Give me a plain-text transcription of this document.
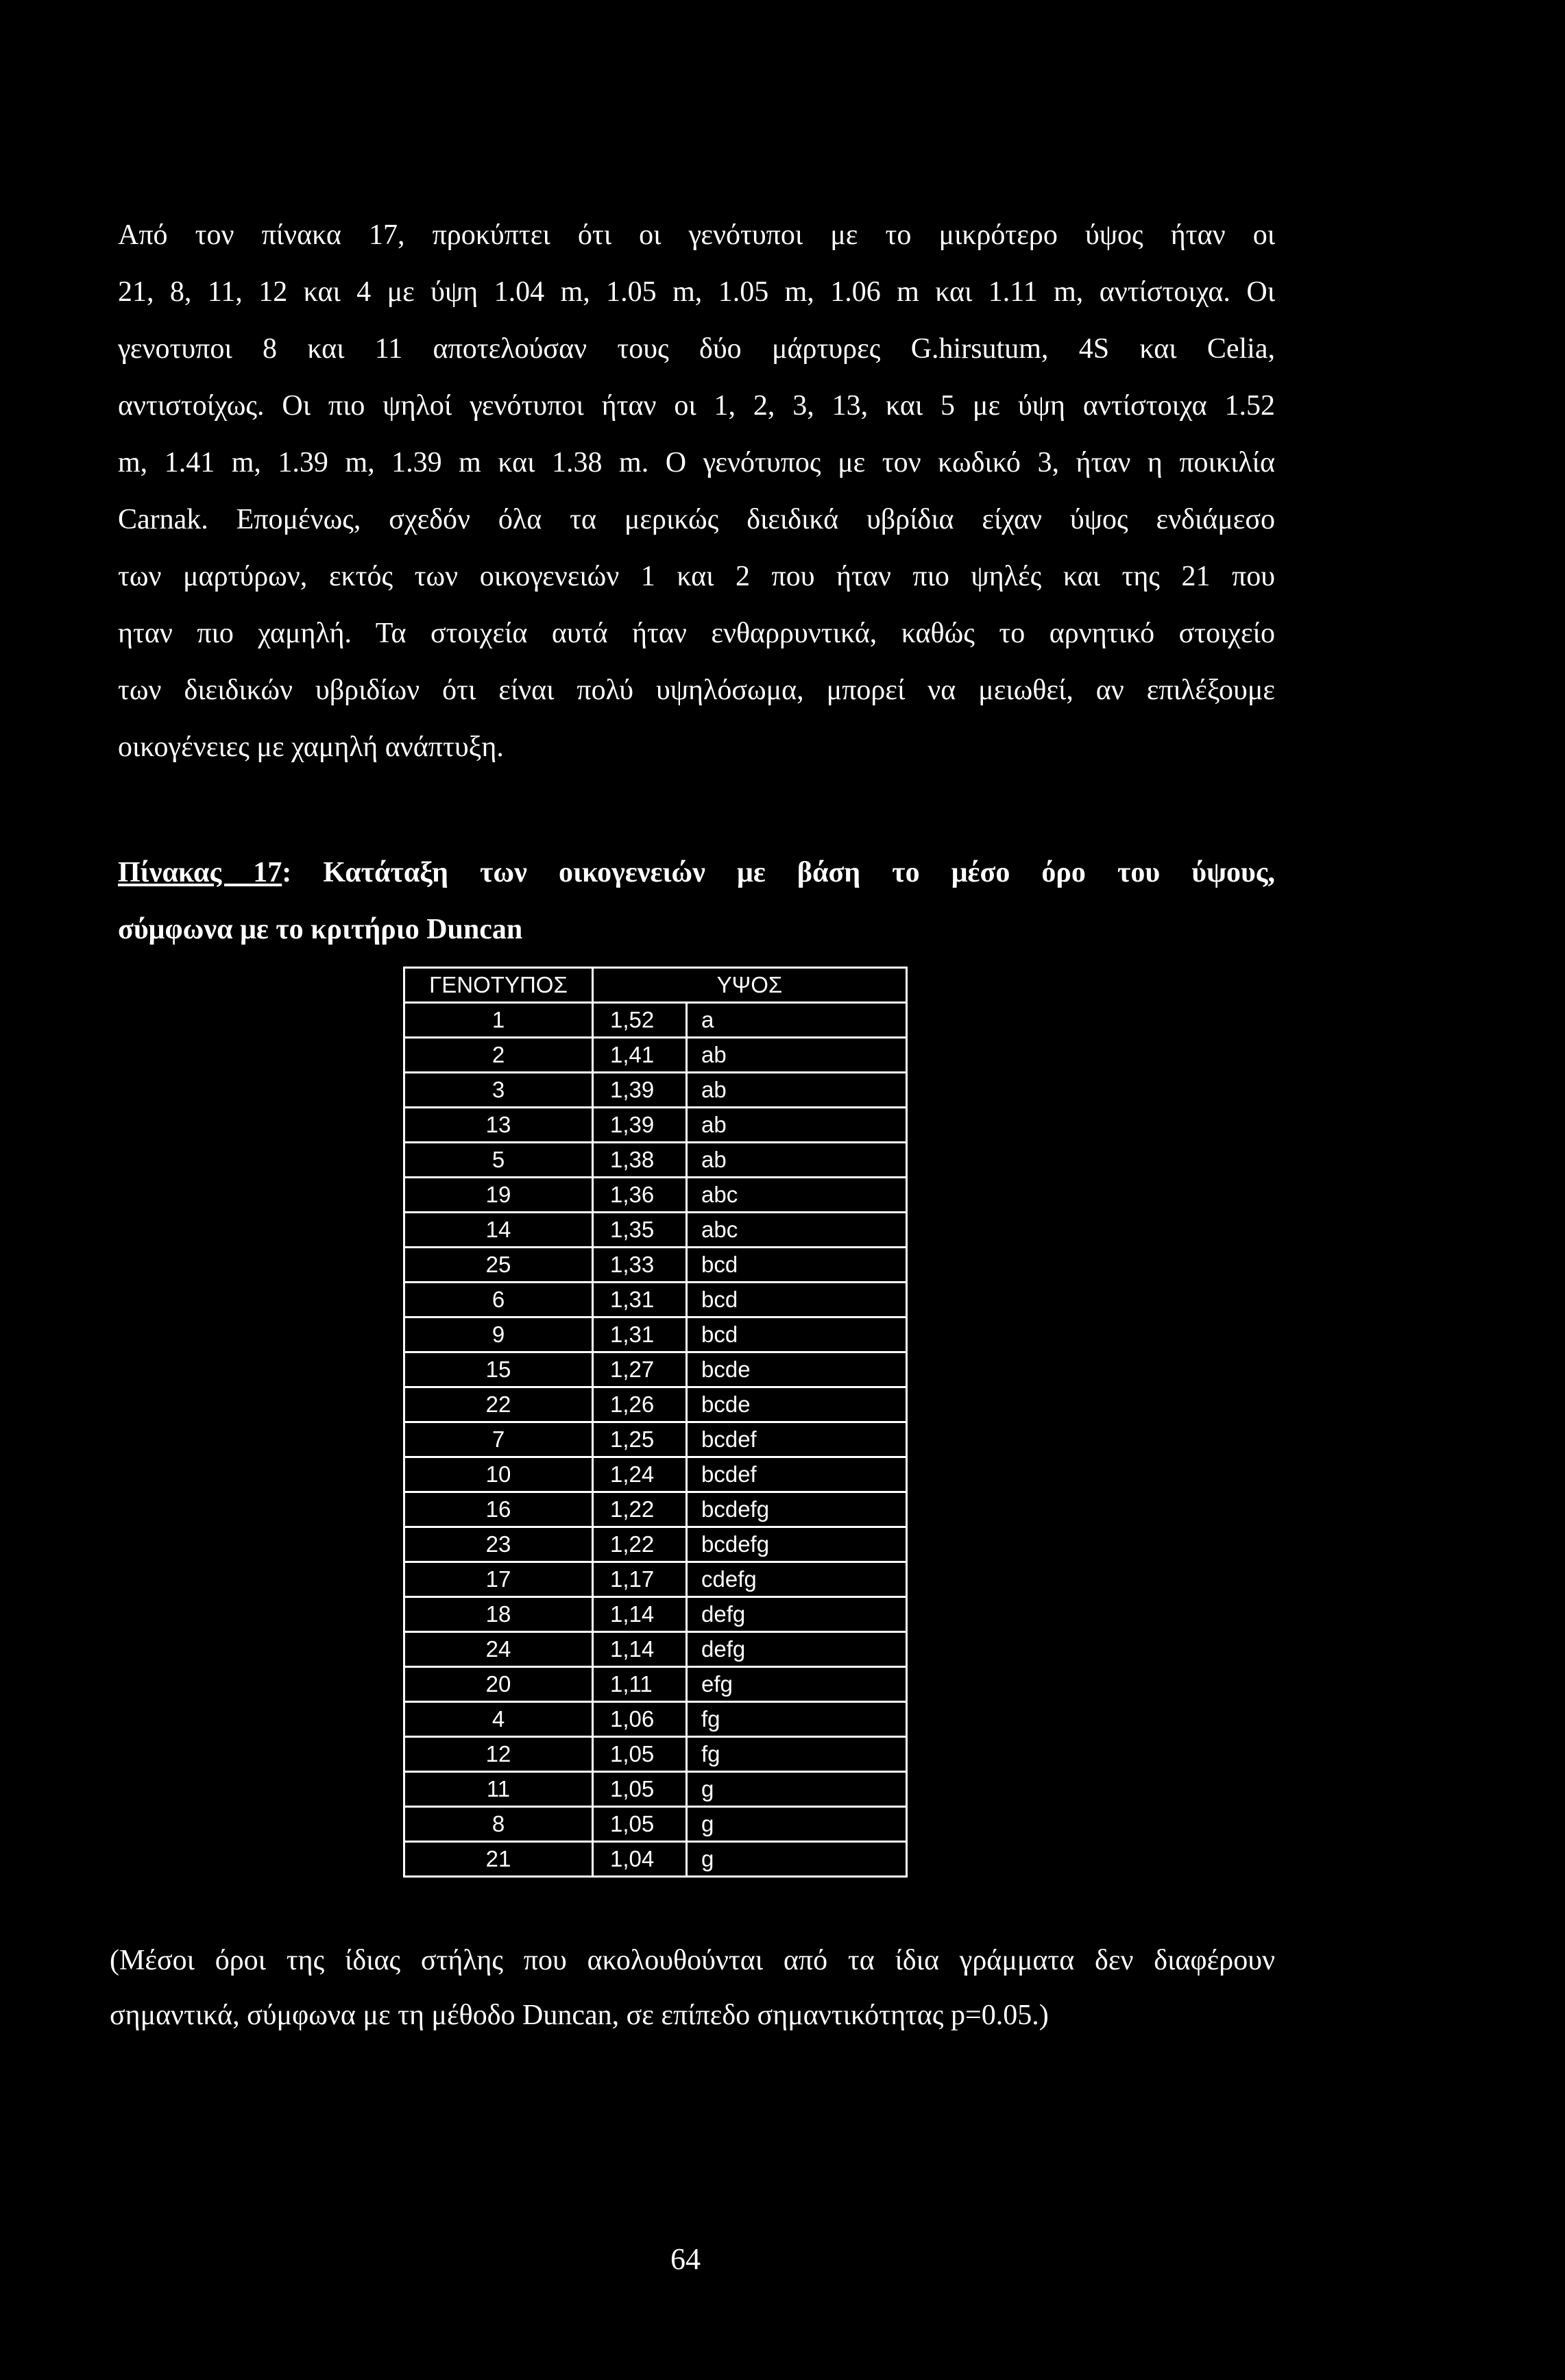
Από τον πίνακα 17, προκύπτει ότι οι γενότυποι με το μικρότερο ύψος ήταν οι
21, 8, 11, 12 και 4 με ύψη 1.04 m, 1.05 m, 1.05 m, 1.06 m και 1.11 m, αντίστοιχα. Οι
γενοτυποι 8 και 11 αποτελούσαν τους δύο μάρτυρες G.hirsutum, 4S και Celia,
αντιστοίχως. Οι πιο ψηλοί γενότυποι ήταν οι 1, 2, 3, 13, και 5 με ύψη αντίστοιχα 1.52
m, 1.41 m, 1.39 m, 1.39 m και 1.38 m. Ο γενότυπος με τον κωδικό 3, ήταν η ποικιλία
Carnak. Επομένως, σχεδόν όλα τα μερικώς διειδικά υβρίδια είχαν ύψος ενδιάμεσο
των μαρτύρων, εκτός των οικογενειών 1 και 2 που ήταν πιο ψηλές και της 21 που
ηταν πιο χαμηλή. Τα στοιχεία αυτά ήταν ενθαρρυντικά, καθώς το αρνητικό στοιχείο
των διειδικών υβριδίων ότι είναι πολύ υψηλόσωμα, μπορεί να μειωθεί, αν επιλέξουμε
οικογένειες με χαμηλή ανάπτυξη.
Πίνακας 17: Κατάταξη των οικογενειών με βάση το μέσο όρο του ύψους,
σύμφωνα με το κριτήριο Duncan
ΓΕΝΟΤΥΠΟΣ	ΥΨΟΣ	
1	1,52	a
2	1,41	ab
3	1,39	ab
13	1,39	ab
5	1,38	ab
19	1,36	abc
14	1,35	abc
25	1,33	bcd
6	1,31	bcd
9	1,31	bcd
15	1,27	bcde
22	1,26	bcde
7	1,25	bcdef
10	1,24	bcdef
16	1,22	bcdefg
23	1,22	bcdefg
17	1,17	cdefg
18	1,14	defg
24	1,14	defg
20	1,11	efg
4	1,06	fg
12	1,05	fg
11	1,05	g
8	1,05	g
21	1,04	g
(Μέσοι όροι της ίδιας στήλης που ακολουθούνται από τα ίδια γράμματα δεν διαφέρουν
σημαντικά, σύμφωνα με τη μέθοδο Duncan, σε επίπεδο σημαντικότητας p=0.05.)
64
